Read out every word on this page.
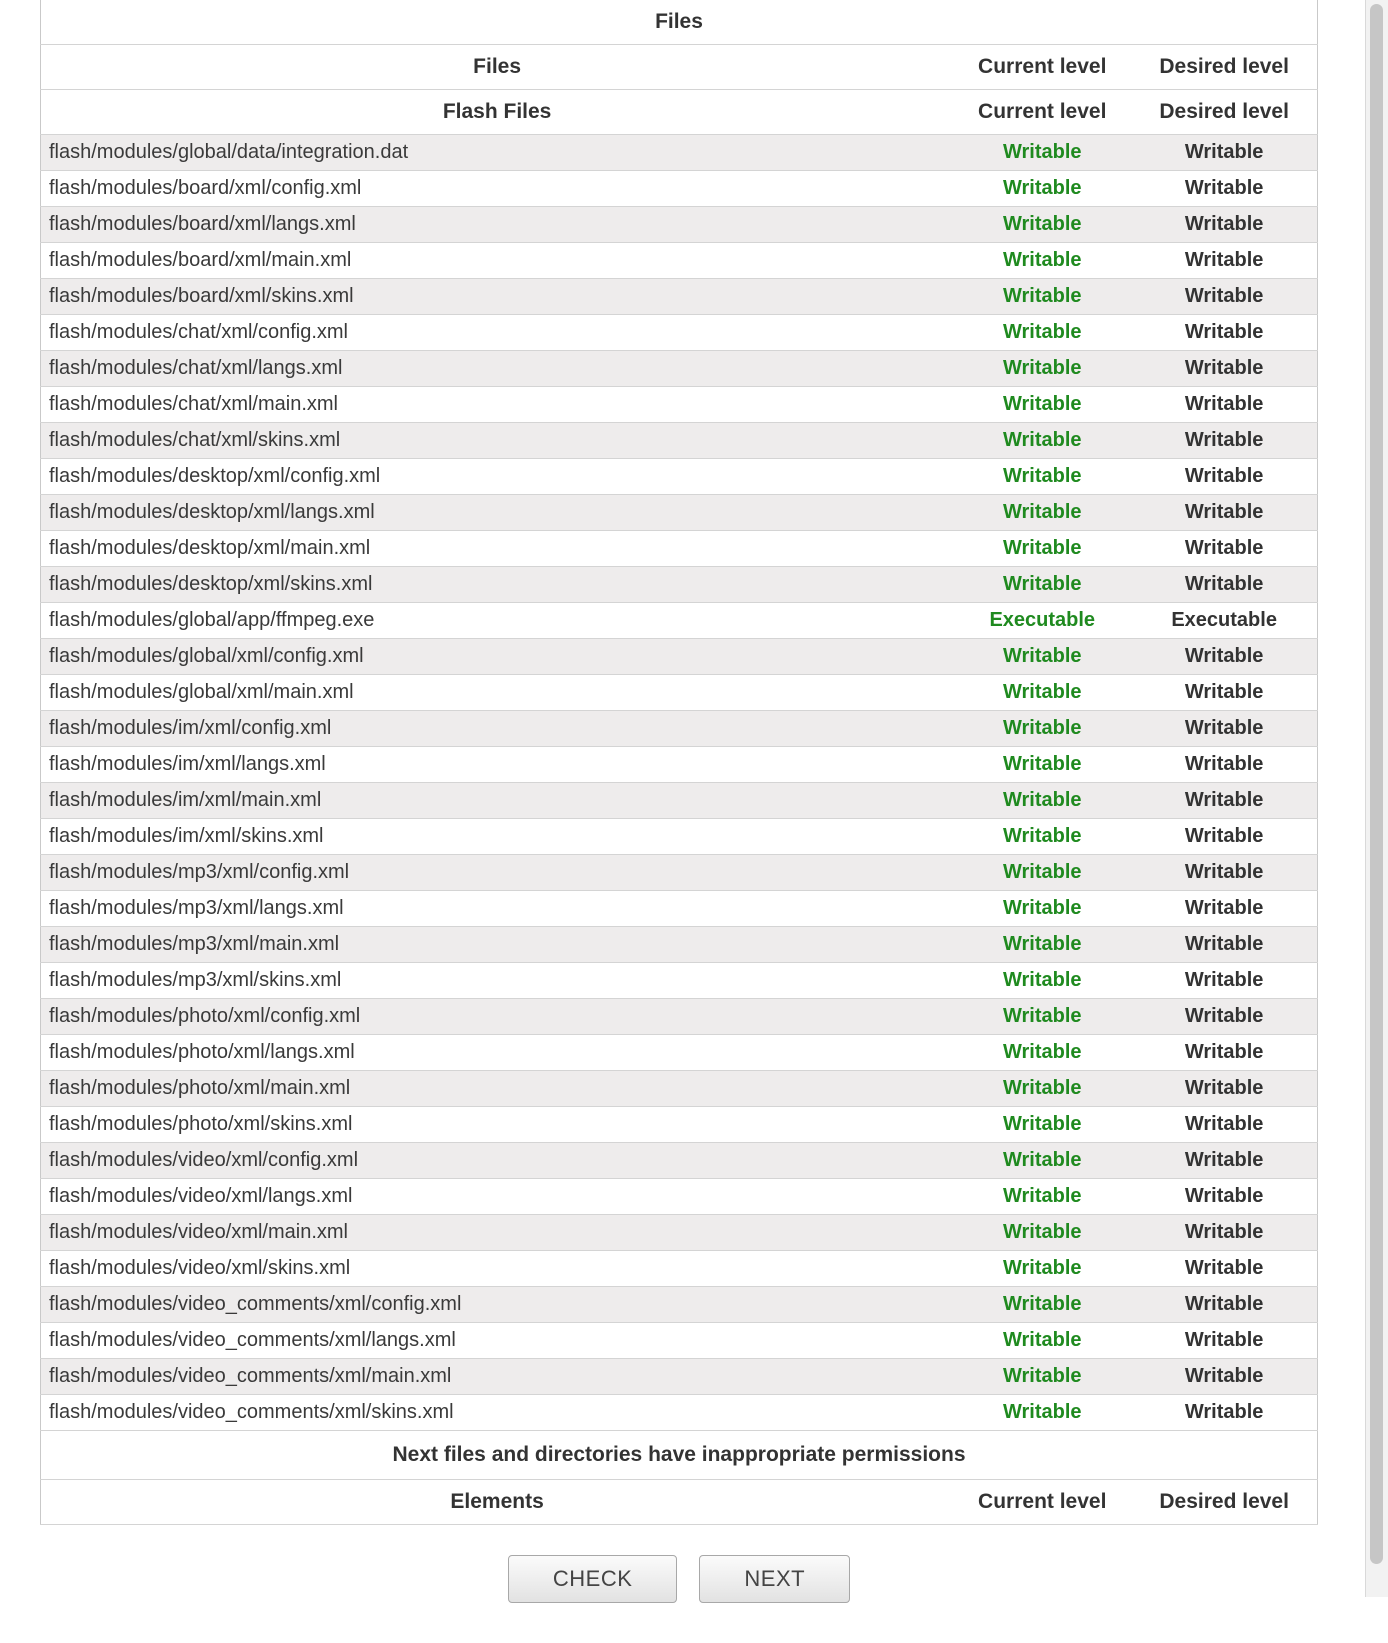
Files		
Files	Current level	Desired level
Flash Files	Current level	Desired level
flash/modules/global/data/integration.dat	Writable	Writable
flash/modules/board/xml/config.xml	Writable	Writable
flash/modules/board/xml/langs.xml	Writable	Writable
flash/modules/board/xml/main.xml	Writable	Writable
flash/modules/board/xml/skins.xml	Writable	Writable
flash/modules/chat/xml/config.xml	Writable	Writable
flash/modules/chat/xml/langs.xml	Writable	Writable
flash/modules/chat/xml/main.xml	Writable	Writable
flash/modules/chat/xml/skins.xml	Writable	Writable
flash/modules/desktop/xml/config.xml	Writable	Writable
flash/modules/desktop/xml/langs.xml	Writable	Writable
flash/modules/desktop/xml/main.xml	Writable	Writable
flash/modules/desktop/xml/skins.xml	Writable	Writable
flash/modules/global/app/ffmpeg.exe	Executable	Executable
flash/modules/global/xml/config.xml	Writable	Writable
flash/modules/global/xml/main.xml	Writable	Writable
flash/modules/im/xml/config.xml	Writable	Writable
flash/modules/im/xml/langs.xml	Writable	Writable
flash/modules/im/xml/main.xml	Writable	Writable
flash/modules/im/xml/skins.xml	Writable	Writable
flash/modules/mp3/xml/config.xml	Writable	Writable
flash/modules/mp3/xml/langs.xml	Writable	Writable
flash/modules/mp3/xml/main.xml	Writable	Writable
flash/modules/mp3/xml/skins.xml	Writable	Writable
flash/modules/photo/xml/config.xml	Writable	Writable
flash/modules/photo/xml/langs.xml	Writable	Writable
flash/modules/photo/xml/main.xml	Writable	Writable
flash/modules/photo/xml/skins.xml	Writable	Writable
flash/modules/video/xml/config.xml	Writable	Writable
flash/modules/video/xml/langs.xml	Writable	Writable
flash/modules/video/xml/main.xml	Writable	Writable
flash/modules/video/xml/skins.xml	Writable	Writable
flash/modules/video_comments/xml/config.xml	Writable	Writable
flash/modules/video_comments/xml/langs.xml	Writable	Writable
flash/modules/video_comments/xml/main.xml	Writable	Writable
flash/modules/video_comments/xml/skins.xml	Writable	Writable
Next files and directories have inappropriate permissions		
Elements	Current level	Desired level
CHECK	NEXT
